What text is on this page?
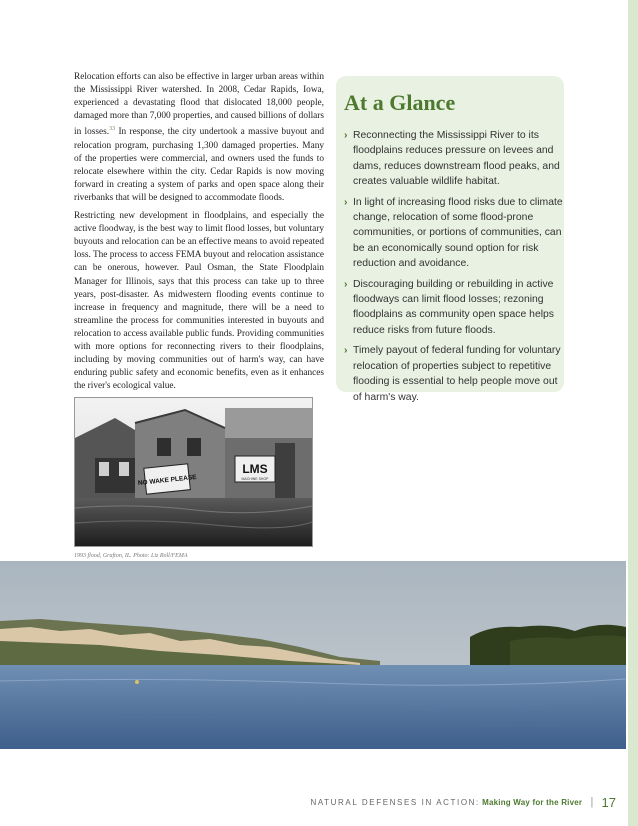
Relocation efforts can also be effective in larger urban areas within the Mississippi River watershed. In 2008, Cedar Rapids, Iowa, experienced a devastating flood that dislocated 18,000 people, damaged more than 7,000 properties, and caused billions of dollars in losses.$^{33}$ In response, the city undertook a massive buyout and relocation program, purchasing 1,300 damaged properties. Many of the properties were commercial, and owners used the funds to relocate elsewhere within the city. Cedar Rapids is now moving forward in creating a system of parks and open space along their riverbanks that will be designed to accommodate floods.

Restricting new development in floodplains, and especially the active floodway, is the best way to limit flood losses, but voluntary buyouts and relocation can be an effective means to avoid repeated loss. The process to access FEMA buyout and relocation assistance can be onerous, however. Paul Osman, the State Floodplain Manager for Illinois, says that this process can take up to three years, post-disaster. As midwestern flooding events continue to increase in frequency and magnitude, there will be a need to streamline the process for communities interested in buyouts and relocation to access available public funds. Providing communities with more options for reconnecting rivers to their floodplains, including by moving communities out of harm's way, can have enduring public safety and economic benefits, even as it enhances the river's ecological value.

At a Glance
› Reconnecting the Mississippi River to its floodplains reduces pressure on levees and dams, reduces downstream flood peaks, and creates valuable wildlife habitat.
› In light of increasing flood risks due to climate change, relocation of some flood-prone communities, or portions of communities, can be an economically sound option for risk reduction and avoidance.
› Discouraging building or rebuilding in active floodways can limit flood losses; rezoning floodplains as community open space helps reduce risks from future floods.
› Timely payout of federal funding for voluntary relocation of properties subject to repetitive flooding is essential to help people move out of harm's way.
NO WAKE PLEASE
LMS
MACHINE SHOP
1993 flood, Grafton, IL. Photo: Liz Roll/FEMA
NATURAL DEFENSES IN ACTION: Making Way for the River | 17
